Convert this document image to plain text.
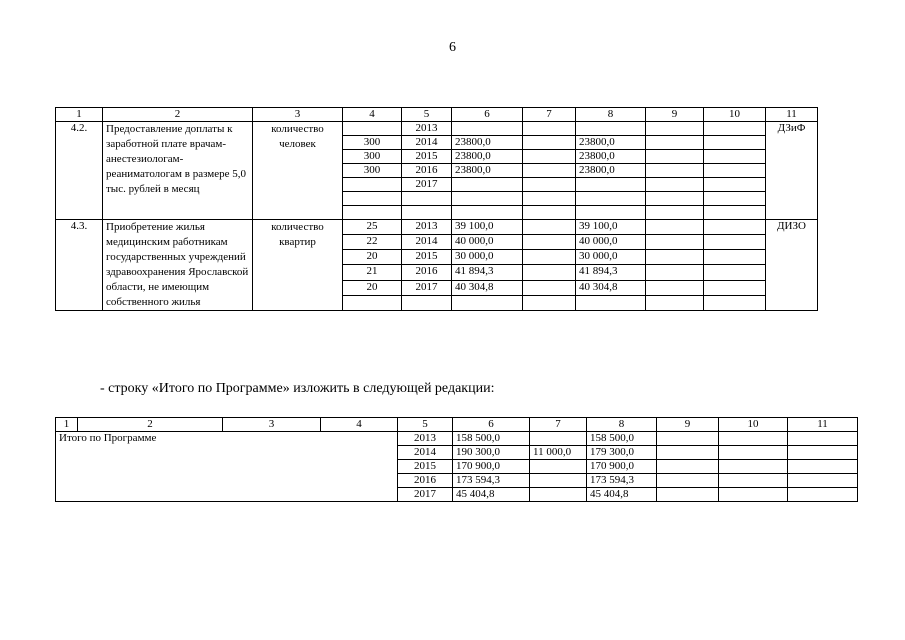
6
1	2	3	4	5	6	7	8	9	10	11
4.2.	Предоставление доплаты к заработной плате врачам-анестезиологам-реаниматологам в размере 5,0 тыс. рублей в месяц	количество человек		2013						ДЗиФ
			300	2014	23800,0		23800,0			
			300	2015	23800,0		23800,0			
			300	2016	23800,0		23800,0			
				2017						

4.3.	Приобретение жилья медицинским работникам государственных учреждений здравоохранения Ярославской области, не имеющим собственного жилья	количество квартир	25	2013	39 100,0		39 100,0			ДИЗО
			22	2014	40 000,0		40 000,0			
			20	2015	30 000,0		30 000,0			
			21	2016	41 894,3		41 894,3			
			20	2017	40 304,8		40 304,8			

- строку «Итого по Программе» изложить в следующей редакции:
1	2	3	4	5	6	7	8	9	10	11
Итого по Программе				2013	158 500,0		158 500,0			
				2014	190 300,0	11 000,0	179 300,0			
				2015	170 900,0		170 900,0			
				2016	173 594,3		173 594,3			
				2017	45 404,8		45 404,8			
